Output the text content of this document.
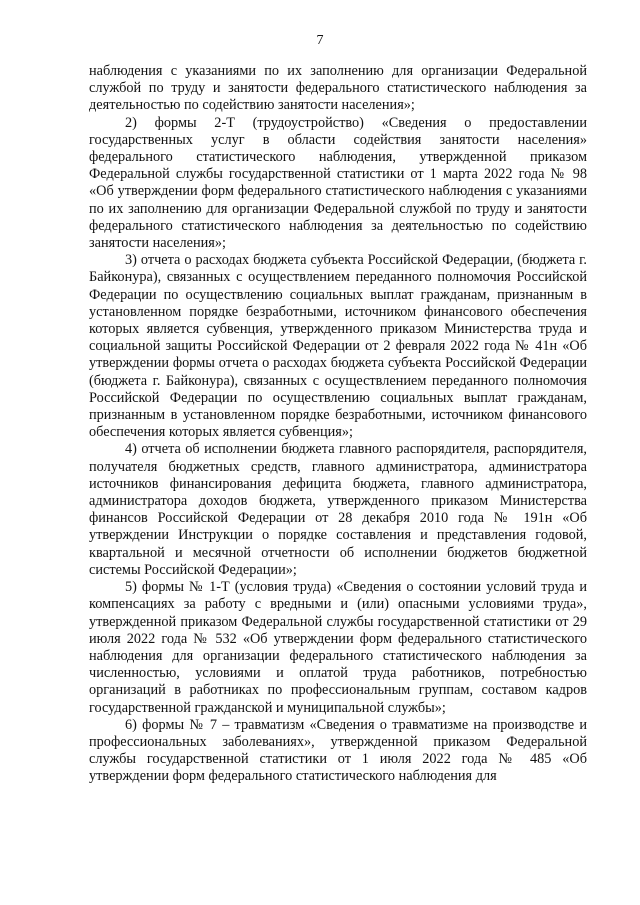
7

наблюдения с указаниями по их заполнению для организации Федеральной службой по труду и занятости федерального статистического наблюдения за деятельностью по содействию занятости населения»;

2) формы 2-Т (трудоустройство) «Сведения о предоставлении государственных услуг в области содействия занятости населения» федерального статистического наблюдения, утвержденной приказом Федеральной службы государственной статистики от 1 марта 2022 года № 98 «Об утверждении форм федерального статистического наблюдения с указаниями по их заполнению для организации Федеральной службой по труду и занятости федерального статистического наблюдения за деятельностью по содействию занятости населения»;

3) отчета о расходах бюджета субъекта Российской Федерации, (бюджета г. Байконура), связанных с осуществлением переданного полномочия Российской Федерации по осуществлению социальных выплат гражданам, признанным в установленном порядке безработными, источником финансового обеспечения которых является субвенция, утвержденного приказом Министерства труда и социальной защиты Российской Федерации от 2 февраля 2022 года № 41н «Об утверждении формы отчета о расходах бюджета субъекта Российской Федерации (бюджета г. Байконура), связанных с осуществлением переданного полномочия Российской Федерации по осуществлению социальных выплат гражданам, признанным в установленном порядке безработными, источником финансового обеспечения которых является субвенция»;

4) отчета об исполнении бюджета главного распорядителя, распорядителя, получателя бюджетных средств, главного администратора, администратора источников финансирования дефицита бюджета, главного администратора, администратора доходов бюджета, утвержденного приказом Министерства финансов Российской Федерации от 28 декабря 2010 года № 191н «Об утверждении Инструкции о порядке составления и представления годовой, квартальной и месячной отчетности об исполнении бюджетов бюджетной системы Российской Федерации»;

5) формы № 1-Т (условия труда) «Сведения о состоянии условий труда и компенсациях за работу с вредными и (или) опасными условиями труда», утвержденной приказом Федеральной службы государственной статистики от 29 июля 2022 года № 532 «Об утверждении форм федерального статистического наблюдения для организации федерального статистического наблюдения за численностью, условиями и оплатой труда работников, потребностью организаций в работниках по профессиональным группам, составом кадров государственной гражданской и муниципальной службы»;

6) формы № 7 – травматизм «Сведения о травматизме на производстве и профессиональных заболеваниях», утвержденной приказом Федеральной службы государственной статистики от 1 июля 2022 года № 485 «Об утверждении форм федерального статистического наблюдения для
